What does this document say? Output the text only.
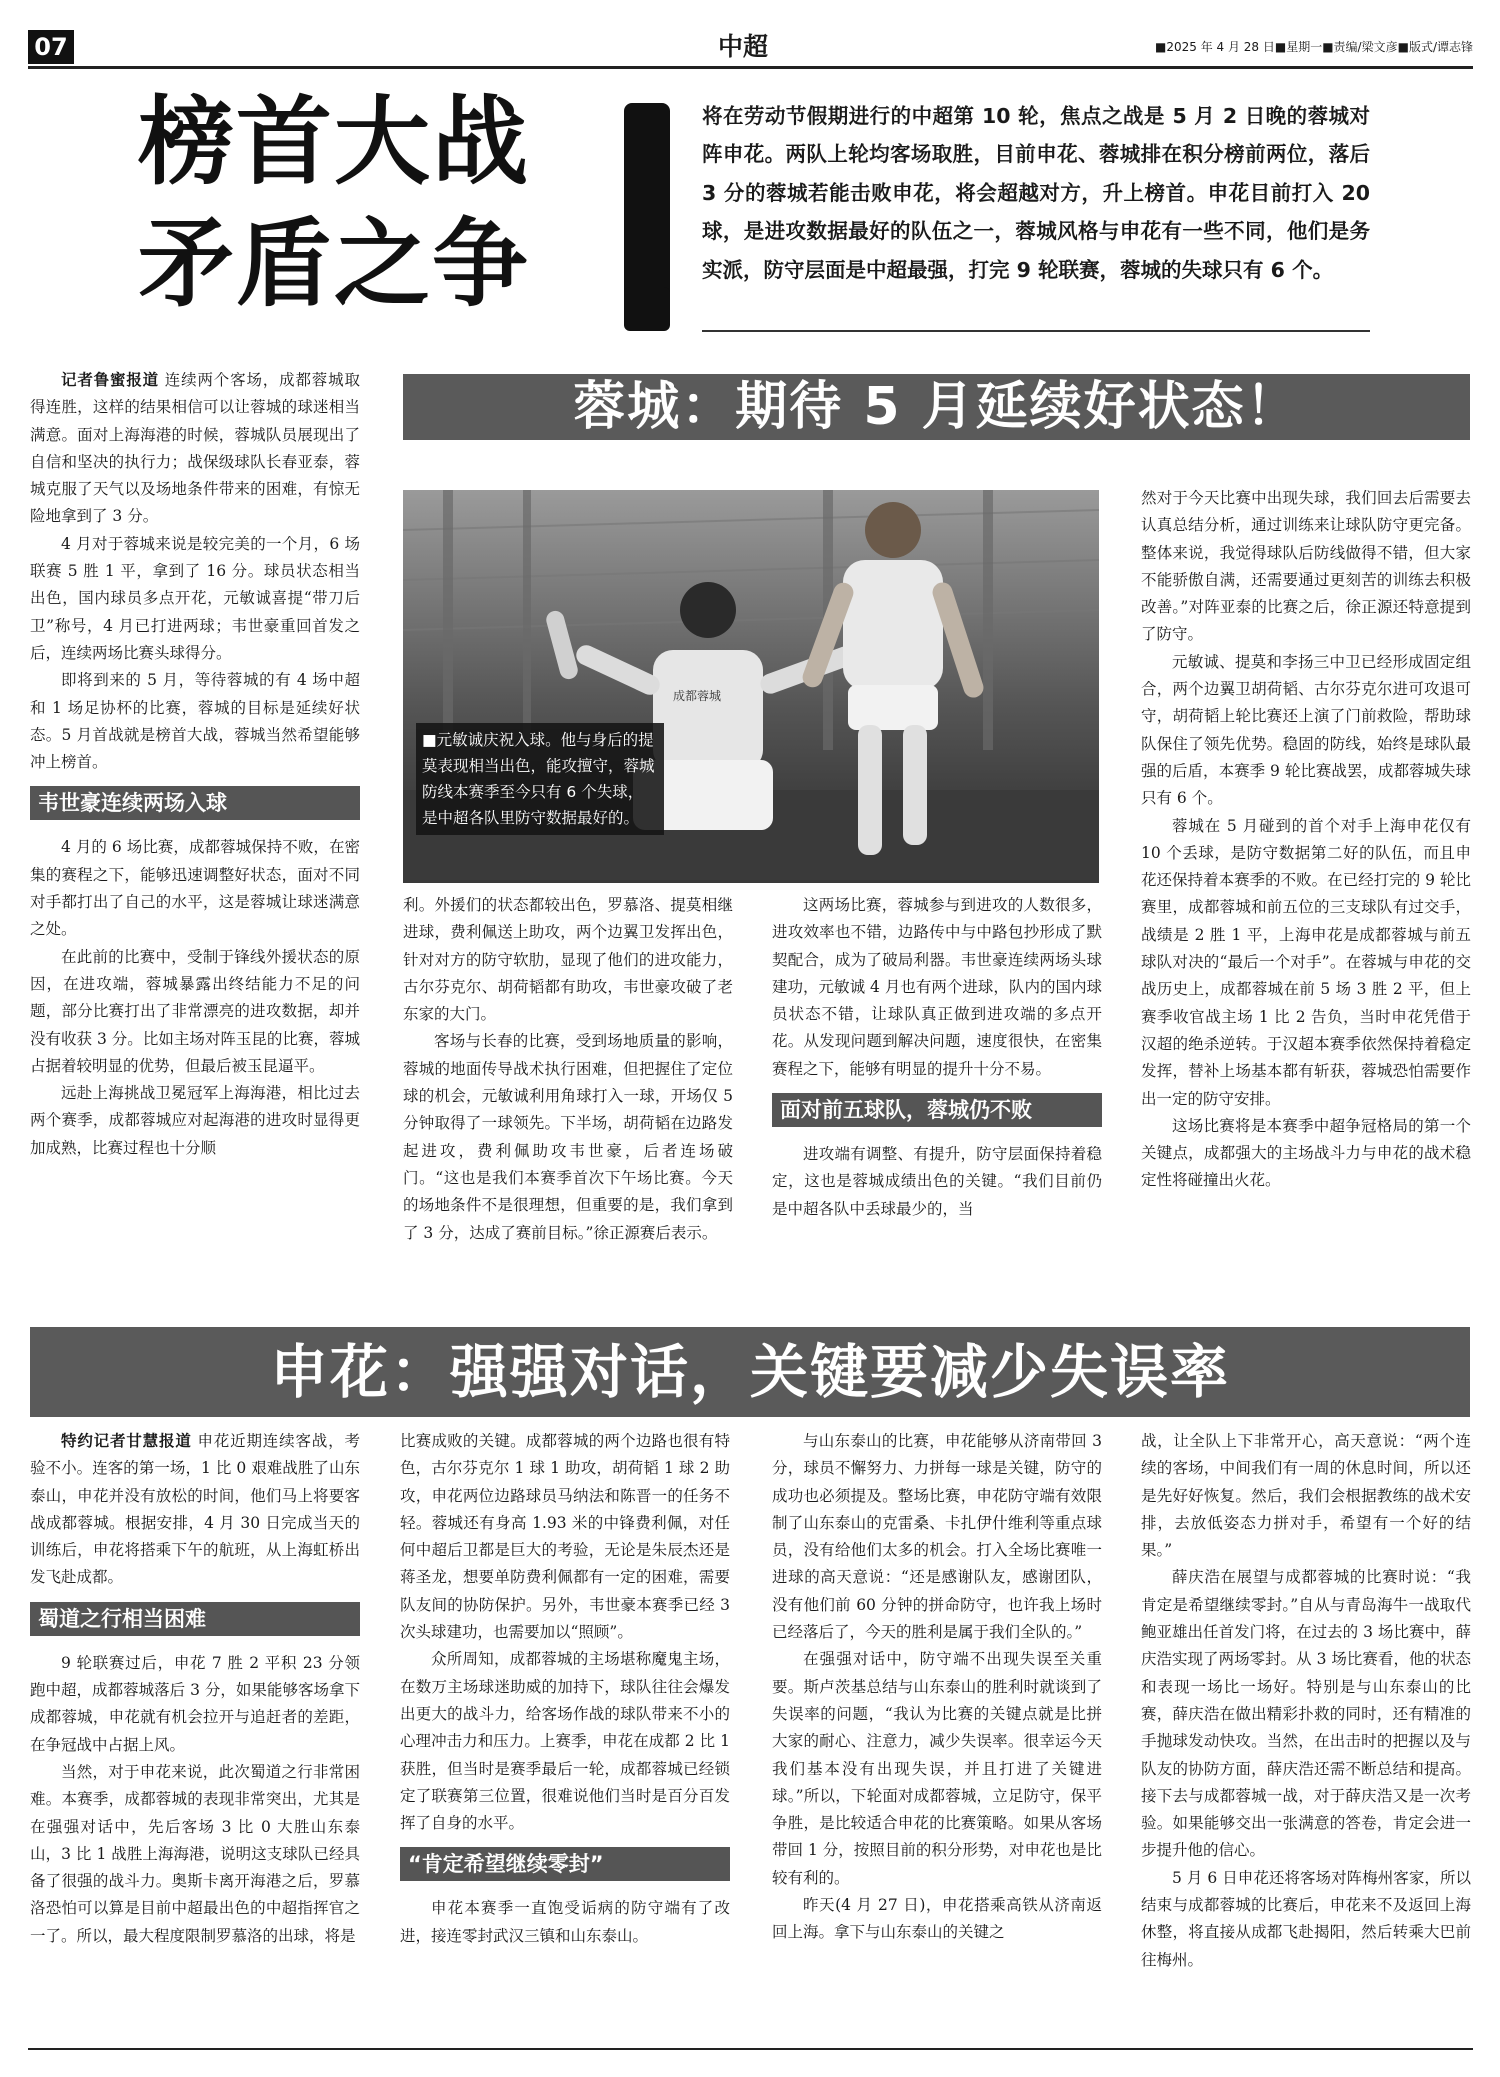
07	中超	■2025 年 4 月 28 日■星期一■责编/梁文彦■版式/谭志锋
榜首大战
矛盾之争
将在劳动节假期进行的中超第 10 轮，焦点之战是 5 月 2 日晚的蓉城对阵申花。两队上轮均客场取胜，目前申花、蓉城排在积分榜前两位，落后 3 分的蓉城若能击败申花，将会超越对方，升上榜首。申花目前打入 20 球，是进攻数据最好的队伍之一，蓉城风格与申花有一些不同，他们是务实派，防守层面是中超最强，打完 9 轮联赛，蓉城的失球只有 6 个。
蓉城：期待 5 月延续好状态！

记者鲁蜜报道 连续两个客场，成都蓉城取得连胜，这样的结果相信可以让蓉城的球迷相当满意。面对上海海港的时候，蓉城队员展现出了自信和坚决的执行力；战保级球队长春亚泰，蓉城克服了天气以及场地条件带来的困难，有惊无险地拿到了 3 分。

4 月对于蓉城来说是较完美的一个月，6 场联赛 5 胜 1 平，拿到了 16 分。球员状态相当出色，国内球员多点开花，元敏诚喜提“带刀后卫”称号，4 月已打进两球；韦世豪重回首发之后，连续两场比赛头球得分。

即将到来的 5 月，等待蓉城的有 4 场中超和 1 场足协杯的比赛，蓉城的目标是延续好状态。5 月首战就是榜首大战，蓉城当然希望能够冲上榜首。

韦世豪连续两场入球

4 月的 6 场比赛，成都蓉城保持不败，在密集的赛程之下，能够迅速调整好状态，面对不同对手都打出了自己的水平，这是蓉城让球迷满意之处。

在此前的比赛中，受制于锋线外援状态的原因，在进攻端，蓉城暴露出终结能力不足的问题，部分比赛打出了非常漂亮的进攻数据，却并没有收获 3 分。比如主场对阵玉昆的比赛，蓉城占据着较明显的优势，但最后被玉昆逼平。

远赴上海挑战卫冕冠军上海海港，相比过去两个赛季，成都蓉城应对起海港的进攻时显得更加成熟，比赛过程也十分顺

成都蓉城
■元敏诚庆祝入球。他与身后的提莫表现相当出色，能攻擅守，蓉城防线本赛季至今只有 6 个失球，是中超各队里防守数据最好的。

利。外援们的状态都较出色，罗慕洛、提莫相继进球，费利佩送上助攻，两个边翼卫发挥出色，针对对方的防守软肋，显现了他们的进攻能力，古尔芬克尔、胡荷韬都有助攻，韦世豪攻破了老东家的大门。

客场与长春的比赛，受到场地质量的影响，蓉城的地面传导战术执行困难，但把握住了定位球的机会，元敏诚利用角球打入一球，开场仅 5 分钟取得了一球领先。下半场，胡荷韬在边路发起进攻，费利佩助攻韦世豪，后者连场破门。“这也是我们本赛季首次下午场比赛。今天的场地条件不是很理想，但重要的是，我们拿到了 3 分，达成了赛前目标。”徐正源赛后表示。

这两场比赛，蓉城参与到进攻的人数很多，进攻效率也不错，边路传中与中路包抄形成了默契配合，成为了破局利器。韦世豪连续两场头球建功，元敏诚 4 月也有两个进球，队内的国内球员状态不错，让球队真正做到进攻端的多点开花。从发现问题到解决问题，速度很快，在密集赛程之下，能够有明显的提升十分不易。

面对前五球队，蓉城仍不败

进攻端有调整、有提升，防守层面保持着稳定，这也是蓉城成绩出色的关键。“我们目前仍是中超各队中丢球最少的，当

然对于今天比赛中出现失球，我们回去后需要去认真总结分析，通过训练来让球队防守更完备。整体来说，我觉得球队后防线做得不错，但大家不能骄傲自满，还需要通过更刻苦的训练去积极改善。”对阵亚泰的比赛之后，徐正源还特意提到了防守。

元敏诚、提莫和李扬三中卫已经形成固定组合，两个边翼卫胡荷韬、古尔芬克尔进可攻退可守，胡荷韬上轮比赛还上演了门前救险，帮助球队保住了领先优势。稳固的防线，始终是球队最强的后盾，本赛季 9 轮比赛战罢，成都蓉城失球只有 6 个。

蓉城在 5 月碰到的首个对手上海申花仅有 10 个丢球，是防守数据第二好的队伍，而且申花还保持着本赛季的不败。在已经打完的 9 轮比赛里，成都蓉城和前五位的三支球队有过交手，战绩是 2 胜 1 平，上海申花是成都蓉城与前五球队对决的“最后一个对手”。在蓉城与申花的交战历史上，成都蓉城在前 5 场 3 胜 2 平，但上赛季收官战主场 1 比 2 告负，当时申花凭借于汉超的绝杀逆转。于汉超本赛季依然保持着稳定发挥，替补上场基本都有斩获，蓉城恐怕需要作出一定的防守安排。

这场比赛将是本赛季中超争冠格局的第一个关键点，成都强大的主场战斗力与申花的战术稳定性将碰撞出火花。

申花：强强对话，关键要减少失误率

特约记者甘慧报道 申花近期连续客战，考验不小。连客的第一场，1 比 0 艰难战胜了山东泰山，申花并没有放松的时间，他们马上将要客战成都蓉城。根据安排，4 月 30 日完成当天的训练后，申花将搭乘下午的航班，从上海虹桥出发飞赴成都。

蜀道之行相当困难

9 轮联赛过后，申花 7 胜 2 平积 23 分领跑中超，成都蓉城落后 3 分，如果能够客场拿下成都蓉城，申花就有机会拉开与追赶者的差距，在争冠战中占据上风。

当然，对于申花来说，此次蜀道之行非常困难。本赛季，成都蓉城的表现非常突出，尤其是在强强对话中，先后客场 3 比 0 大胜山东泰山，3 比 1 战胜上海海港，说明这支球队已经具备了很强的战斗力。奥斯卡离开海港之后，罗慕洛恐怕可以算是目前中超最出色的中超指挥官之一了。所以，最大程度限制罗慕洛的出球，将是

比赛成败的关键。成都蓉城的两个边路也很有特色，古尔芬克尔 1 球 1 助攻，胡荷韬 1 球 2 助攻，申花两位边路球员马纳法和陈晋一的任务不轻。蓉城还有身高 1.93 米的中锋费利佩，对任何中超后卫都是巨大的考验，无论是朱辰杰还是蒋圣龙，想要单防费利佩都有一定的困难，需要队友间的协防保护。另外，韦世豪本赛季已经 3 次头球建功，也需要加以“照顾”。

众所周知，成都蓉城的主场堪称魔鬼主场，在数万主场球迷助威的加持下，球队往往会爆发出更大的战斗力，给客场作战的球队带来不小的心理冲击力和压力。上赛季，申花在成都 2 比 1 获胜，但当时是赛季最后一轮，成都蓉城已经锁定了联赛第三位置，很难说他们当时是百分百发挥了自身的水平。

“肯定希望继续零封”

申花本赛季一直饱受诟病的防守端有了改进，接连零封武汉三镇和山东泰山。

与山东泰山的比赛，申花能够从济南带回 3 分，球员不懈努力、力拼每一球是关键，防守的成功也必须提及。整场比赛，申花防守端有效限制了山东泰山的克雷桑、卡扎伊什维利等重点球员，没有给他们太多的机会。打入全场比赛唯一进球的高天意说：“还是感谢队友，感谢团队，没有他们前 60 分钟的拼命防守，也许我上场时已经落后了，今天的胜利是属于我们全队的。”

在强强对话中，防守端不出现失误至关重要。斯卢茨基总结与山东泰山的胜利时就谈到了失误率的问题，“我认为比赛的关键点就是比拼大家的耐心、注意力，减少失误率。很幸运今天我们基本没有出现失误，并且打进了关键进球。”所以，下轮面对成都蓉城，立足防守，保平争胜，是比较适合申花的比赛策略。如果从客场带回 1 分，按照目前的积分形势，对申花也是比较有利的。

昨天(4 月 27 日)，申花搭乘高铁从济南返回上海。拿下与山东泰山的关键之

战，让全队上下非常开心，高天意说：“两个连续的客场，中间我们有一周的休息时间，所以还是先好好恢复。然后，我们会根据教练的战术安排，去放低姿态力拼对手，希望有一个好的结果。”

薛庆浩在展望与成都蓉城的比赛时说：“我肯定是希望继续零封。”自从与青岛海牛一战取代鲍亚雄出任首发门将，在过去的 3 场比赛中，薛庆浩实现了两场零封。从 3 场比赛看，他的状态和表现一场比一场好。特别是与山东泰山的比赛，薛庆浩在做出精彩扑救的同时，还有精准的手抛球发动快攻。当然，在出击时的把握以及与队友的协防方面，薛庆浩还需不断总结和提高。接下去与成都蓉城一战，对于薛庆浩又是一次考验。如果能够交出一张满意的答卷，肯定会进一步提升他的信心。

5 月 6 日申花还将客场对阵梅州客家，所以结束与成都蓉城的比赛后，申花来不及返回上海休整，将直接从成都飞赴揭阳，然后转乘大巴前往梅州。
